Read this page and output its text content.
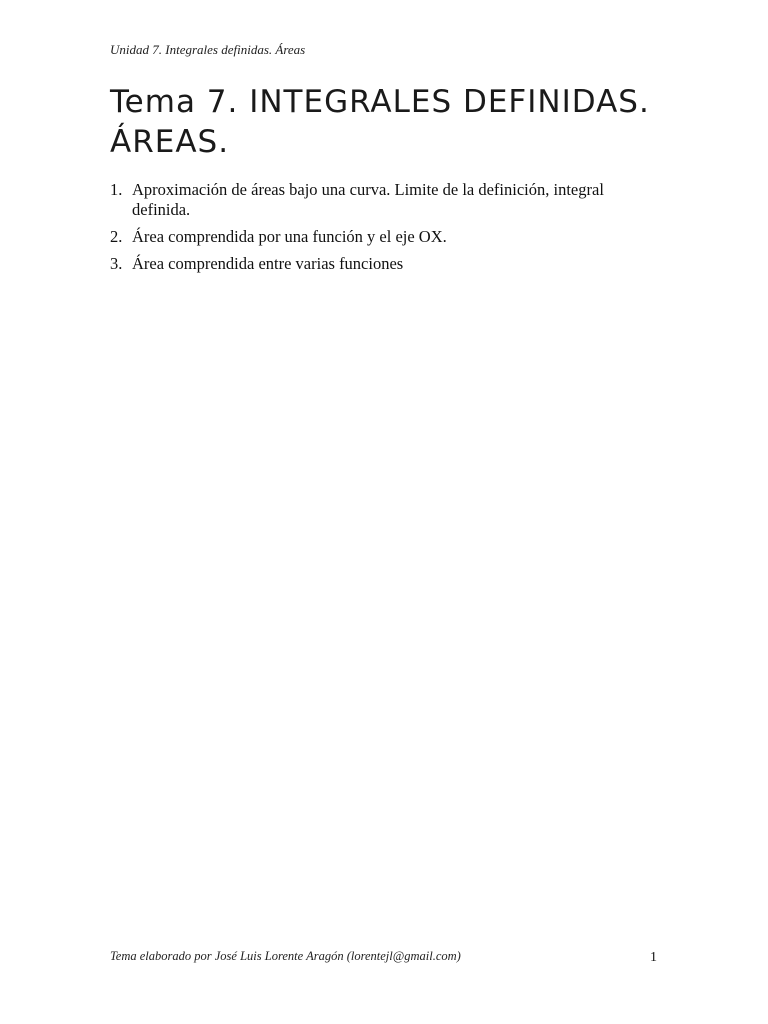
Unidad 7. Integrales definidas. Áreas
Tema 7. INTEGRALES DEFINIDAS.
ÁREAS.
1. Aproximación de áreas bajo una curva. Limite de la definición, integral definida.
2. Área comprendida por una función y el eje OX.
3. Área comprendida entre varias funciones
Tema elaborado por José Luis Lorente Aragón (lorentejl@gmail.com)	1
